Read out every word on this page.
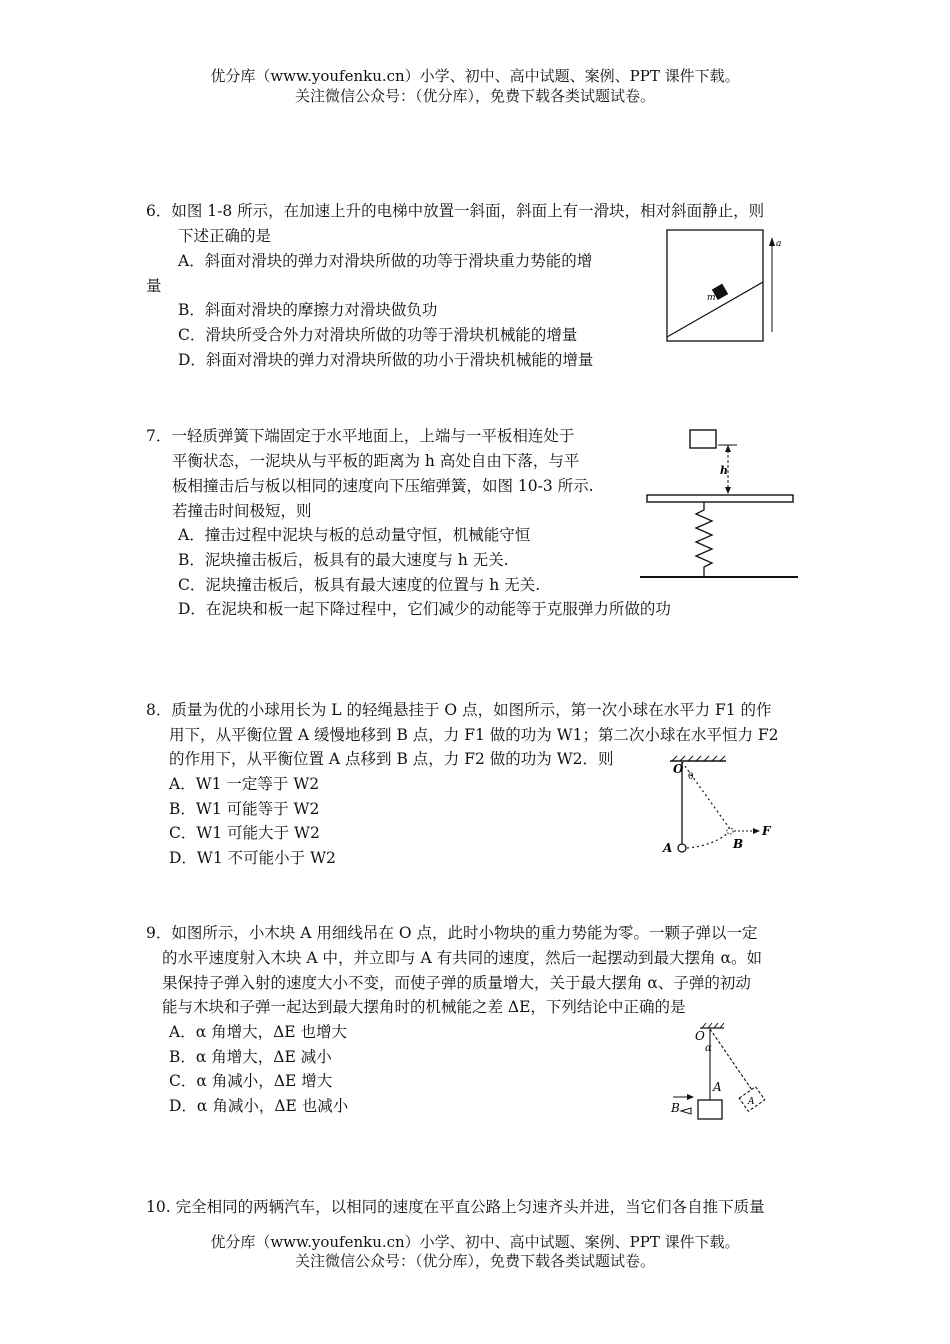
优分库（www.youfenku.cn）小学、初中、高中试题、案例、PPT 课件下载。
关注微信公众号：（优分库），免费下载各类试题试卷。
6．如图 1-8 所示，在加速上升的电梯中放置一斜面，斜面上有一滑块，相对斜面静止，则
下述正确的是
A．斜面对滑块的弹力对滑块所做的功等于滑块重力势能的增
量
B．斜面对滑块的摩擦力对滑块做负功
C．滑块所受合外力对滑块所做的功等于滑块机械能的增量
D．斜面对滑块的弹力对滑块所做的功小于滑块机械能的增量
m
a
7．一轻质弹簧下端固定于水平地面上，上端与一平板相连处于
平衡状态，一泥块从与平板的距离为 h 高处自由下落，与平
板相撞击后与板以相同的速度向下压缩弹簧，如图 10-3 所示.
若撞击时间极短，则
A．撞击过程中泥块与板的总动量守恒，机械能守恒
B．泥块撞击板后，板具有的最大速度与 h 无关.
C．泥块撞击板后，板具有最大速度的位置与 h 无关.
D．在泥块和板一起下降过程中，它们减少的动能等于克服弹力所做的功
h
8．质量为优的小球用长为 L 的轻绳悬挂于 O 点，如图所示，第一次小球在水平力 F1 的作
用下，从平衡位置 A 缓慢地移到 B 点，力 F1 做的功为 W1；第二次小球在水平恒力 F2
的作用下，从平衡位置 A 点移到 B 点，力 F2 做的功为 W2．则
A．W1 一定等于 W2
B．W1 可能等于 W2
C．W1 可能大于 W2
D．W1 不可能小于 W2
O
θ
A	B
F
9．如图所示，小木块 A 用细线吊在 O 点，此时小物块的重力势能为零。一颗子弹以一定
的水平速度射入木块 A 中，并立即与 A 有共同的速度，然后一起摆动到最大摆角 α。如
果保持子弹入射的速度大小不变，而使子弹的质量增大，关于最大摆角 α、子弹的初动
能与木块和子弹一起达到最大摆角时的机械能之差 ΔE，下列结论中正确的是
A．α 角增大，ΔE 也增大
B．α 角增大，ΔE 减小
C．α 角减小，ΔE 增大
D．α 角减小，ΔE 也减小
O
α
A
A
B
10. 完全相同的两辆汽车，以相同的速度在平直公路上匀速齐头并进，当它们各自推下质量
优分库（www.youfenku.cn）小学、初中、高中试题、案例、PPT 课件下载。
关注微信公众号：（优分库），免费下载各类试题试卷。
